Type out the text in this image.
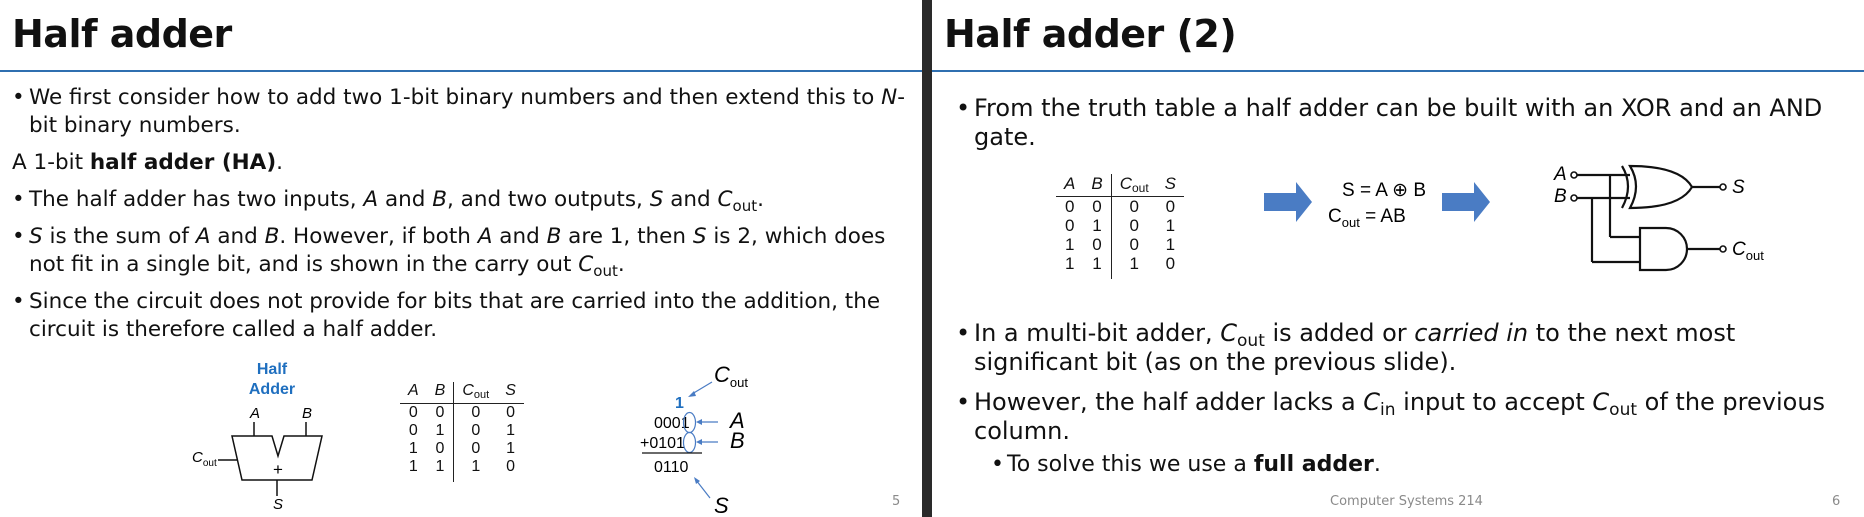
Half adder
• We first consider how to add two 1-bit binary numbers and then extend this to N-bit binary numbers.
A 1-bit half adder (HA).
• The half adder has two inputs, A and B, and two outputs, S and $C_{out}$.
• S is the sum of A and B. However, if both A and B are 1, then S is 2, which does not fit in a single bit, and is shown in the carry out $C_{out}$.
• Since the circuit does not provide for bits that are carried into the addition, the circuit is therefore called a half adder.
Half
Adder
A	B
+
$C_{out}$
S
A	B	$C_{out}$	S
0	0	0	0
0	1	0	1
1	0	0	1
1	1	1	0
$C_{out}$
1
0001
+0101
A
B
0110
S	5
Half adder (2)
• From the truth table a half adder can be built with an XOR and an AND gate.
A	B	$C_{out}$	S
0	0	0	0
0	1	0	1
1	0	0	1
1	1	1	0
S = A ⊕ B
$C_{out}$ = AB
A
B	S
$C_{out}$
• In a multi-bit adder, $C_{out}$ is added or carried in to the next most significant bit (as on the previous slide).
• However, the half adder lacks a $C_{in}$ input to accept $C_{out}$ of the previous column.
• To solve this we use a full adder.
Computer Systems 214	6
